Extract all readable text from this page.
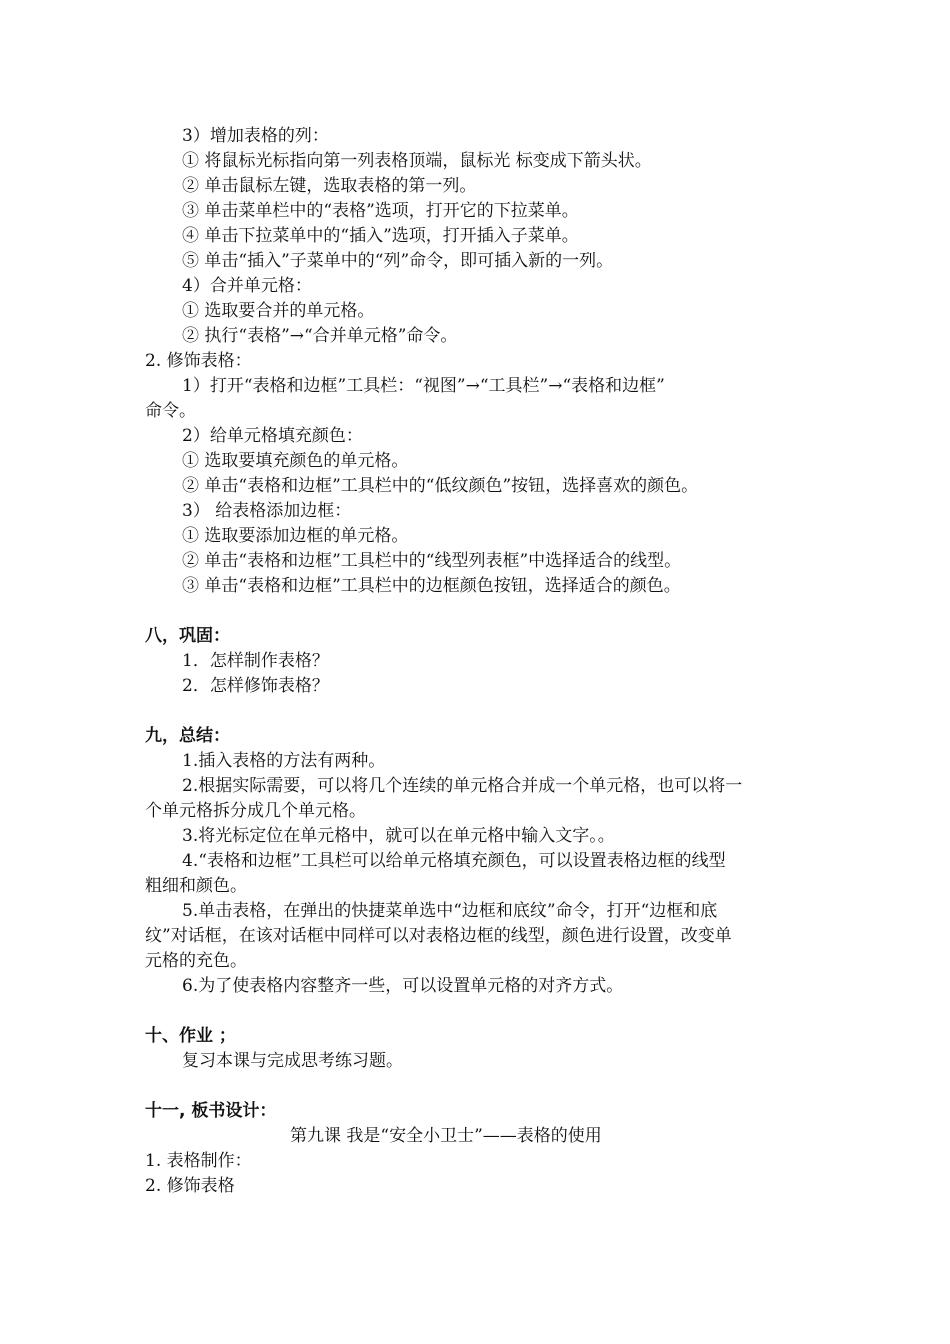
3）增加表格的列：
① 将鼠标光标指向第一列表格顶端，鼠标光 标变成下箭头状。
② 单击鼠标左键，选取表格的第一列。
③ 单击菜单栏中的“表格”选项，打开它的下拉菜单。
④ 单击下拉菜单中的“插入”选项，打开插入子菜单。
⑤ 单击“插入”子菜单中的“列”命令，即可插入新的一列。
4）合并单元格：
① 选取要合并的单元格。
② 执行“表格”→“合并单元格”命令。
2. 修饰表格：
1）打开“表格和边框”工具栏：“视图”→“工具栏”→“表格和边框”
命令。
2）给单元格填充颜色：
① 选取要填充颜色的单元格。
② 单击“表格和边框”工具栏中的“低纹颜色”按钮，选择喜欢的颜色。
3） 给表格添加边框：
① 选取要添加边框的单元格。
② 单击“表格和边框”工具栏中的“线型列表框”中选择适合的线型。
③ 单击“表格和边框”工具栏中的边框颜色按钮，选择适合的颜色。
八，巩固：
1．怎样制作表格？
2．怎样修饰表格？
九，总结：
1.插入表格的方法有两种。
2.根据实际需要，可以将几个连续的单元格合并成一个单元格，也可以将一
个单元格拆分成几个单元格。
3.将光标定位在单元格中，就可以在单元格中输入文字。。
4.“表格和边框”工具栏可以给单元格填充颜色，可以设置表格边框的线型
粗细和颜色。
5.单击表格，在弹出的快捷菜单选中“边框和底纹”命令，打开“边框和底
纹”对话框，在该对话框中同样可以对表格边框的线型，颜色进行设置，改变单
元格的充色。
6.为了使表格内容整齐一些，可以设置单元格的对齐方式。
十、作业 ；
复习本课与完成思考练习题。
十一, 板书设计：
第九课 我是“安全小卫士”——表格的使用
1. 表格制作：
2. 修饰表格
